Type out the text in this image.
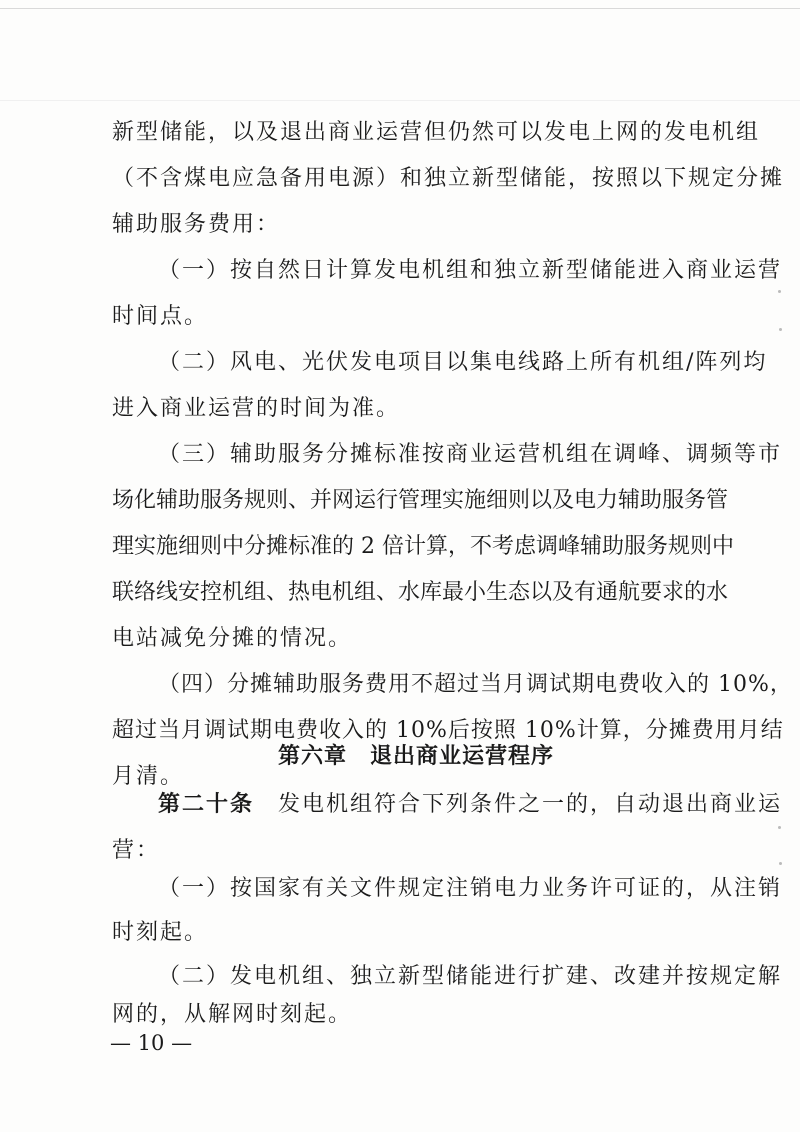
新型储能，以及退出商业运营但仍然可以发电上网的发电机组
（不含煤电应急备用电源）和独立新型储能，按照以下规定分摊
辅助服务费用：
（一）按自然日计算发电机组和独立新型储能进入商业运营
时间点。
（二）风电、光伏发电项目以集电线路上所有机组/阵列均
进入商业运营的时间为准。
（三）辅助服务分摊标准按商业运营机组在调峰、调频等市
场化辅助服务规则、并网运行管理实施细则以及电力辅助服务管
理实施细则中分摊标准的 2 倍计算，不考虑调峰辅助服务规则中
联络线安控机组、热电机组、水库最小生态以及有通航要求的水
电站减免分摊的情况。
（四）分摊辅助服务费用不超过当月调试期电费收入的 10%，
超过当月调试期电费收入的 10%后按照 10%计算，分摊费用月结
月清。
第六章　退出商业运营程序
第二十条 发电机组符合下列条件之一的，自动退出商业运
营：
（一）按国家有关文件规定注销电力业务许可证的，从注销
时刻起。
（二）发电机组、独立新型储能进行扩建、改建并按规定解
网的，从解网时刻起。
— 10 —
